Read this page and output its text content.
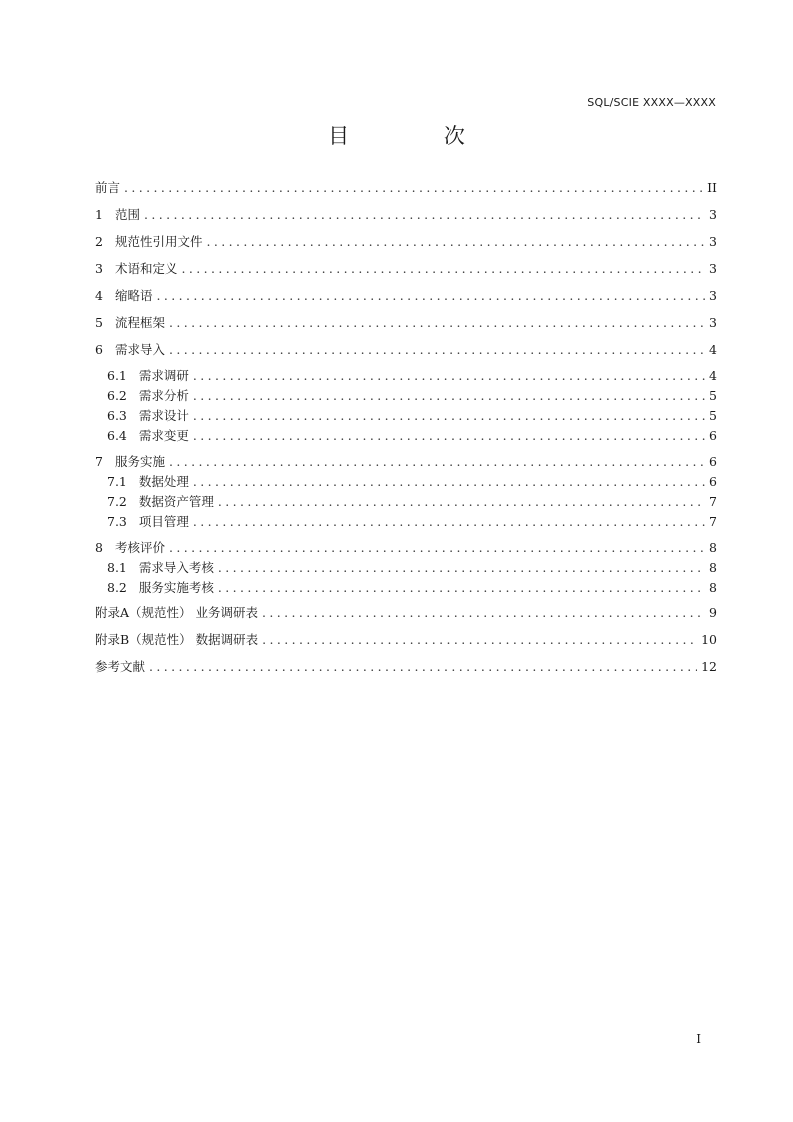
SQL/SCIE XXXX—XXXX
目 次
前言 .....	II
1 范围 .....	3
2 规范性引用文件 .....	3
3 术语和定义 .....	3
4 缩略语 .....	3
5 流程框架 .....	3
6 需求导入 .....	4
6.1 需求调研 .....	4
6.2 需求分析 .....	5
6.3 需求设计 .....	5
6.4 需求变更 .....	6
7 服务实施 .....	6
7.1 数据处理 .....	6
7.2 数据资产管理 .....	7
7.3 项目管理 .....	7
8 考核评价 .....	8
8.1 需求导入考核 .....	8
8.2 服务实施考核 .....	8
附录A（规范性） 业务调研表 .....	9
附录B（规范性） 数据调研表 .....	10
参考文献 .....	12
I
